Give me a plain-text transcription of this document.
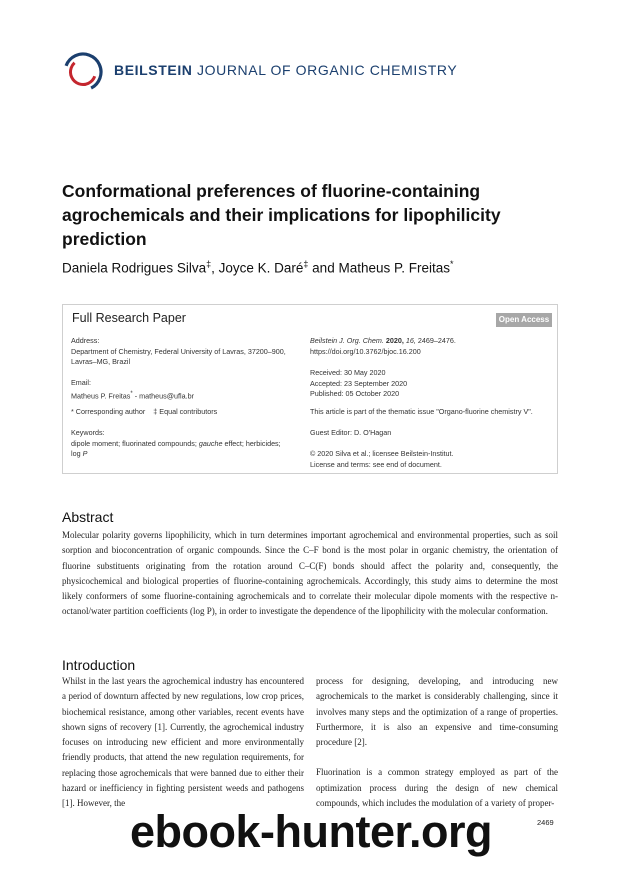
BEILSTEIN JOURNAL OF ORGANIC CHEMISTRY
Conformational preferences of fluorine-containing agrochemicals and their implications for lipophilicity prediction
Daniela Rodrigues Silva‡, Joyce K. Daré‡ and Matheus P. Freitas*
Full Research Paper	Open Access
Address:
Department of Chemistry, Federal University of Lavras, 37200–900,
Lavras–MG, Brazil
Email:
Matheus P. Freitas* - matheus@ufla.br
* Corresponding author    ‡ Equal contributors
Keywords:
dipole moment; fluorinated compounds; gauche effect; herbicides;
log P
Beilstein J. Org. Chem. 2020, 16, 2469–2476.
https://doi.org/10.3762/bjoc.16.200
Received: 30 May 2020
Accepted: 23 September 2020
Published: 05 October 2020
This article is part of the thematic issue "Organo-fluorine chemistry V".
Guest Editor: D. O'Hagan
© 2020 Silva et al.; licensee Beilstein-Institut.
License and terms: see end of document.
Abstract
Molecular polarity governs lipophilicity, which in turn determines important agrochemical and environmental properties, such as soil sorption and bioconcentration of organic compounds. Since the C–F bond is the most polar in organic chemistry, the orientation of fluorine substituents originating from the rotation around C–C(F) bonds should affect the polarity and, consequently, the physicochemical and biological properties of fluorine-containing agrochemicals. Accordingly, this study aims to determine the most likely conformers of some fluorine-containing agrochemicals and to correlate their molecular dipole moments with the respective n-octanol/water partition coefficients (log P), in order to investigate the dependence of the lipophilicity with the molecular conformation.
Introduction
Whilst in the last years the agrochemical industry has encountered a period of downturn affected by new regulations, low crop prices, biochemical resistance, among other variables, recent events have shown signs of recovery [1]. Currently, the agrochemical industry focuses on introducing new efficient and more environmentally friendly products, that attend the new regulation requirements, for replacing those agrochemicals that were banned due to either their hazard or inefficiency in fighting persistent weeds and pathogens [1]. However, the
process for designing, developing, and introducing new agrochemicals to the market is considerably challenging, since it involves many steps and the optimization of a range of properties. Furthermore, it is also an expensive and time-consuming procedure [2].
Fluorination is a common strategy employed as part of the optimization process during the design of new chemical compounds, which includes the modulation of a variety of proper-
2469
ebook-hunter.org
